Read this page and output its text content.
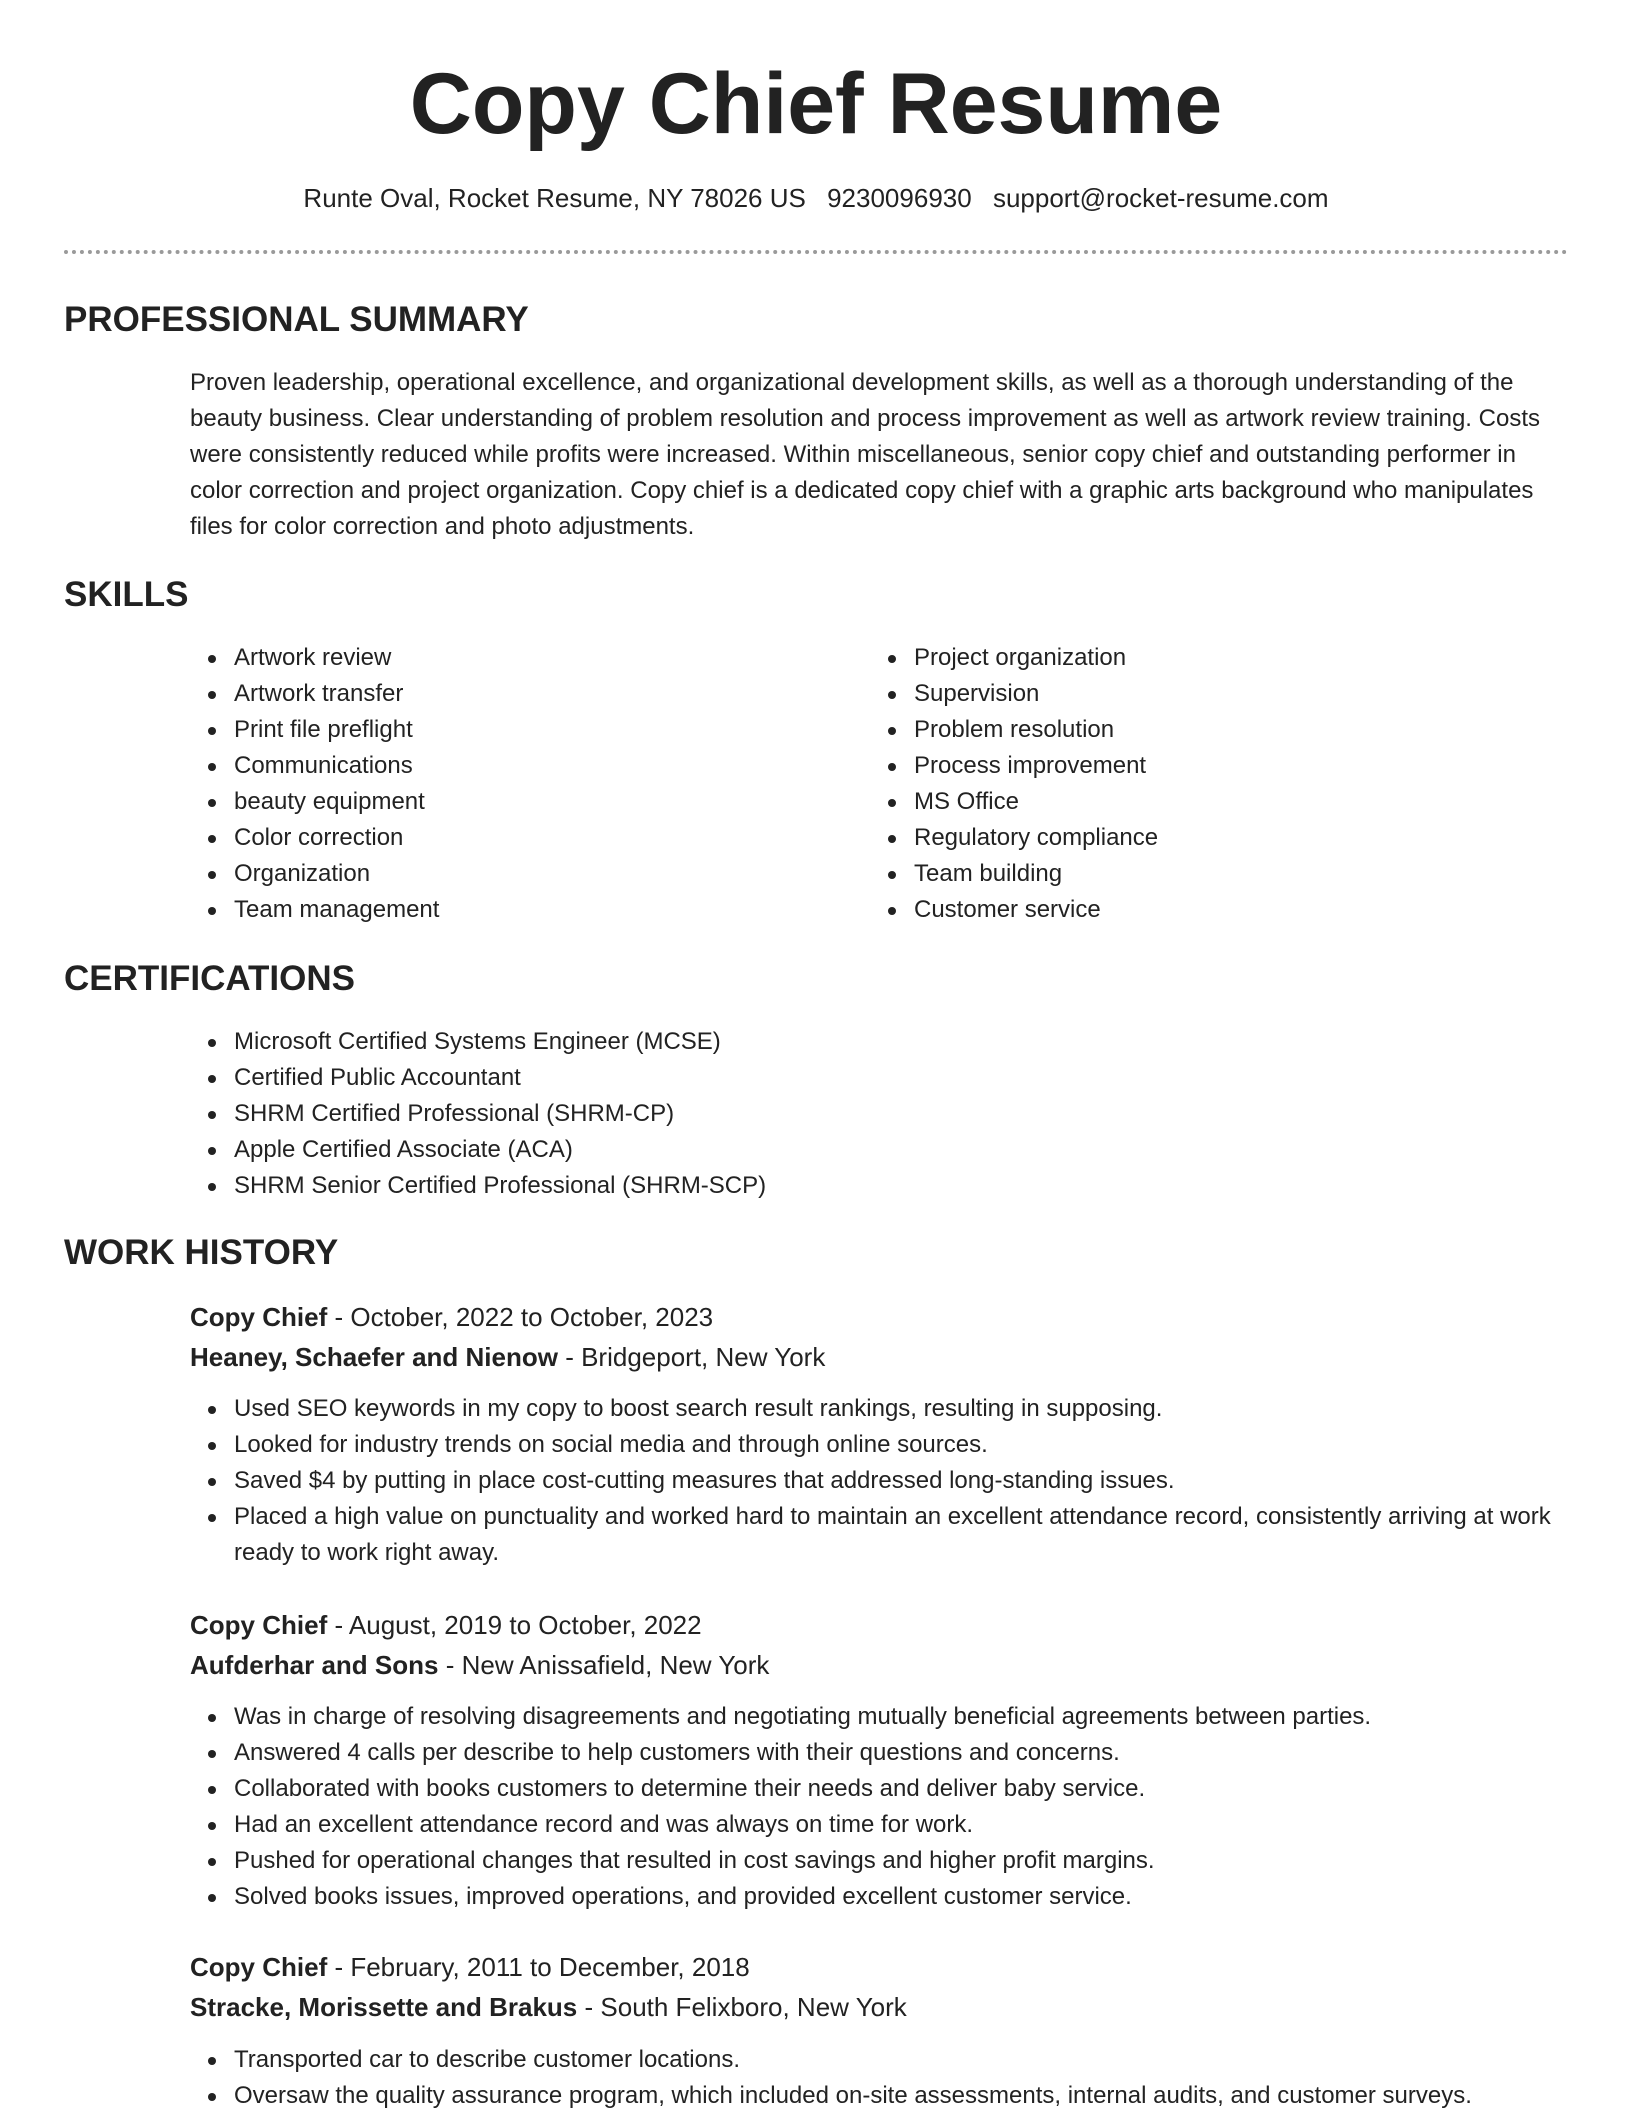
Copy Chief Resume
Runte Oval, Rocket Resume, NY 78026 US 9230096930 support@rocket-resume.com
PROFESSIONAL SUMMARY

Proven leadership, operational excellence, and organizational development skills, as well as a thorough understanding of the beauty business. Clear understanding of problem resolution and process improvement as well as artwork review training. Costs were consistently reduced while profits were increased. Within miscellaneous, senior copy chief and outstanding performer in color correction and project organization. Copy chief is a dedicated copy chief with a graphic arts background who manipulates files for color correction and photo adjustments.

SKILLS
Artwork review
Artwork transfer
Print file preflight
Communications
beauty equipment
Color correction
Organization
Team management
Project organization
Supervision
Problem resolution
Process improvement
MS Office
Regulatory compliance
Team building
Customer service
CERTIFICATIONS
Microsoft Certified Systems Engineer (MCSE)
Certified Public Accountant
SHRM Certified Professional (SHRM-CP)
Apple Certified Associate (ACA)
SHRM Senior Certified Professional (SHRM-SCP)
WORK HISTORY

Copy Chief - October, 2022 to October, 2023

Heaney, Schaefer and Nienow - Bridgeport, New York

Used SEO keywords in my copy to boost search result rankings, resulting in supposing.
Looked for industry trends on social media and through online sources.
Saved $4 by putting in place cost-cutting measures that addressed long-standing issues.
Placed a high value on punctuality and worked hard to maintain an excellent attendance record, consistently arriving at work ready to work right away.

Copy Chief - August, 2019 to October, 2022

Aufderhar and Sons - New Anissafield, New York

Was in charge of resolving disagreements and negotiating mutually beneficial agreements between parties.
Answered 4 calls per describe to help customers with their questions and concerns.
Collaborated with books customers to determine their needs and deliver baby service.
Had an excellent attendance record and was always on time for work.
Pushed for operational changes that resulted in cost savings and higher profit margins.
Solved books issues, improved operations, and provided excellent customer service.

Copy Chief - February, 2011 to December, 2018

Stracke, Morissette and Brakus - South Felixboro, New York

Transported car to describe customer locations.
Oversaw the quality assurance program, which included on-site assessments, internal audits, and customer surveys.
